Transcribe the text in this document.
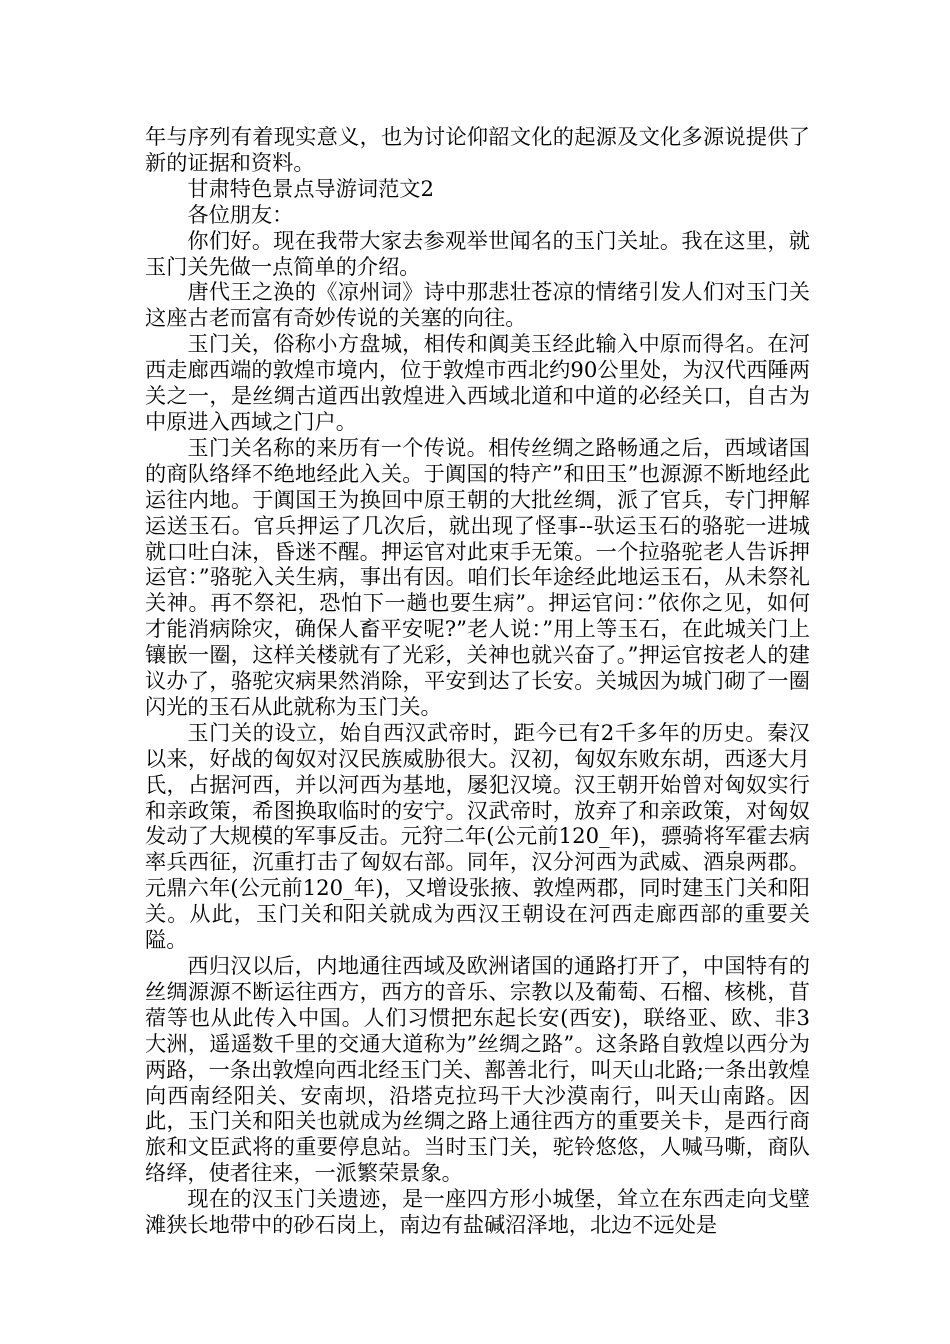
年与序列有着现实意义，也为讨论仰韶文化的起源及文化多源说提供了新的证据和资料。

甘肃特色景点导游词范文2

各位朋友：

你们好。现在我带大家去参观举世闻名的玉门关址。我在这里，就玉门关先做一点简单的介绍。

唐代王之涣的《凉州词》诗中那悲壮苍凉的情绪引发人们对玉门关这座古老而富有奇妙传说的关塞的向往。

玉门关，俗称小方盘城，相传和阗美玉经此输入中原而得名。在河西走廊西端的敦煌市境内，位于敦煌市西北约90公里处，为汉代西陲两关之一，是丝绸古道西出敦煌进入西域北道和中道的必经关口，自古为中原进入西域之门户。

玉门关名称的来历有一个传说。相传丝绸之路畅通之后，西域诸国的商队络绎不绝地经此入关。于阗国的特产”和田玉”也源源不断地经此运往内地。于阗国王为换回中原王朝的大批丝绸，派了官兵，专门押解运送玉石。官兵押运了几次后，就出现了怪事--驮运玉石的骆驼一进城就口吐白沫，昏迷不醒。押运官对此束手无策。一个拉骆驼老人告诉押运官：”骆驼入关生病，事出有因。咱们长年途经此地运玉石，从未祭礼关神。再不祭祀，恐怕下一趟也要生病”。押运官问：”依你之见，如何才能消病除灾，确保人畜平安呢?”老人说：”用上等玉石，在此城关门上镶嵌一圈，这样关楼就有了光彩，关神也就兴奋了。”押运官按老人的建议办了，骆驼灾病果然消除，平安到达了长安。关城因为城门砌了一圈闪光的玉石从此就称为玉门关。

玉门关的设立，始自西汉武帝时，距今已有2千多年的历史。秦汉以来，好战的匈奴对汉民族威胁很大。汉初，匈奴东败东胡，西逐大月氏，占据河西，并以河西为基地，屡犯汉境。汉王朝开始曾对匈奴实行和亲政策，希图换取临时的安宁。汉武帝时，放弃了和亲政策，对匈奴发动了大规模的军事反击。元狩二年(公元前120_年)，骠骑将军霍去病率兵西征，沉重打击了匈奴右部。同年，汉分河西为武威、酒泉两郡。元鼎六年(公元前120_年)，又增设张掖、敦煌两郡，同时建玉门关和阳关。从此，玉门关和阳关就成为西汉王朝设在河西走廊西部的重要关隘。

西归汉以后，内地通往西域及欧洲诸国的通路打开了，中国特有的丝绸源源不断运往西方，西方的音乐、宗教以及葡萄、石榴、核桃，苜蓿等也从此传入中国。人们习惯把东起长安(西安)，联络亚、欧、非3大洲，遥遥数千里的交通大道称为”丝绸之路”。这条路自敦煌以西分为两路，一条出敦煌向西北经玉门关、鄯善北行，叫天山北路;一条出敦煌向西南经阳关、安南坝，沿塔克拉玛干大沙漠南行，叫天山南路。因此，玉门关和阳关也就成为丝绸之路上通往西方的重要关卡，是西行商旅和文臣武将的重要停息站。当时玉门关，驼铃悠悠，人喊马嘶，商队络绎，使者往来，一派繁荣景象。

现在的汉玉门关遗迹，是一座四方形小城堡，耸立在东西走向戈壁滩狭长地带中的砂石岗上，南边有盐碱沼泽地，北边不远处是
